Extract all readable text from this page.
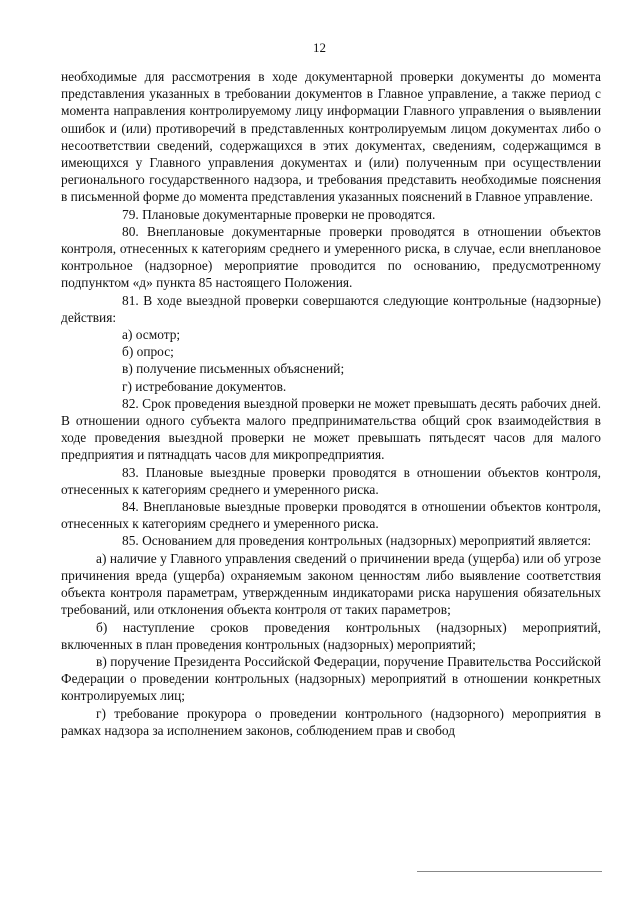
12

необходимые для рассмотрения в ходе документарной проверки документы до момента представления указанных в требовании документов в Главное управление, а также период с момента направления контролируемому лицу информации Главного управления о выявлении ошибок и (или) противоречий в представленных контролируемым лицом документах либо о несоответствии сведений, содержащихся в этих документах, сведениям, содержащимся в имеющихся у Главного управления документах и (или) полученным при осуществлении регионального государственного надзора, и требования представить необходимые пояснения в письменной форме до момента представления указанных пояснений в Главное управление.

79. Плановые документарные проверки не проводятся.

80. Внеплановые документарные проверки проводятся в отношении объектов контроля, отнесенных к категориям среднего и умеренного риска, в случае, если внеплановое контрольное (надзорное) мероприятие проводится по основанию, предусмотренному подпунктом «д» пункта 85 настоящего Положения.

81. В ходе выездной проверки совершаются следующие контрольные (надзорные) действия:

а) осмотр;

б) опрос;

в) получение письменных объяснений;

г) истребование документов.

82. Срок проведения выездной проверки не может превышать десять рабочих дней. В отношении одного субъекта малого предпринимательства общий срок взаимодействия в ходе проведения выездной проверки не может превышать пятьдесят часов для малого предприятия и пятнадцать часов для микропредприятия.

83. Плановые выездные проверки проводятся в отношении объектов контроля, отнесенных к категориям среднего и умеренного риска.

84. Внеплановые выездные проверки проводятся в отношении объектов контроля, отнесенных к категориям среднего и умеренного риска.

85. Основанием для проведения контрольных (надзорных) мероприятий является:

а) наличие у Главного управления сведений о причинении вреда (ущерба) или об угрозе причинения вреда (ущерба) охраняемым законом ценностям либо выявление соответствия объекта контроля параметрам, утвержденным индикаторами риска нарушения обязательных требований, или отклонения объекта контроля от таких параметров;

б) наступление сроков проведения контрольных (надзорных) мероприятий, включенных в план проведения контрольных (надзорных) мероприятий;

в) поручение Президента Российской Федерации, поручение Правительства Российской Федерации о проведении контрольных (надзорных) мероприятий в отношении конкретных контролируемых лиц;

г) требование прокурора о проведении контрольного (надзорного) мероприятия в рамках надзора за исполнением законов, соблюдением прав и свобод
